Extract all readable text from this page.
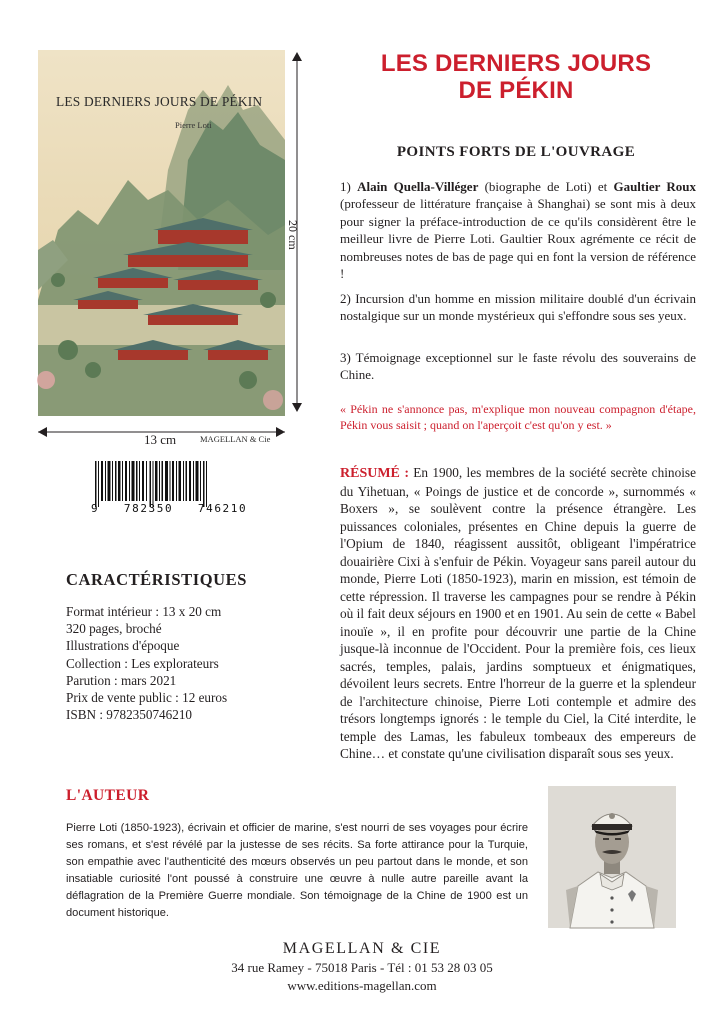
LES DERNIERS JOURS DE PÉKIN
Pierre Loti
MAGELLAN & Cie
20 cm
13 cm
9   782350   746210
CARACTÉRISTIQUES
Format intérieur : 13 x 20 cm
320 pages, broché
Illustrations d'époque
Collection : Les explorateurs
Parution : mars 2021
Prix de vente public : 12 euros
ISBN : 9782350746210
LES DERNIERS JOURS
DE PÉKIN
POINTS FORTS DE L'OUVRAGE

1) Alain Quella-Villéger (biographe de Loti) et Gaultier Roux (professeur de littérature française à Shanghai) se sont mis à deux pour signer la préface-introduction de ce qu'ils considèrent être le meilleur livre de Pierre Loti. Gaultier Roux agrémente ce récit de nombreuses notes de bas de page qui en font la version de référence !

2) Incursion d'un homme en mission militaire doublé d'un écrivain nostalgique sur un monde mystérieux qui s'effondre sous ses yeux.

3) Témoignage exceptionnel sur le faste révolu des souverains de Chine.

« Pékin ne s'annonce pas, m'explique mon nouveau compagnon d'étape, Pékin vous saisit ; quand on l'aperçoit c'est qu'on y est. »

RÉSUMÉ : En 1900, les membres de la société secrète chinoise du Yihetuan, « Poings de justice et de concorde », surnommés « Boxers », se soulèvent contre la présence étrangère. Les puissances coloniales, présentes en Chine depuis la guerre de l'Opium de 1840, réagissent aussitôt, obligeant l'impératrice douairière Cixi à s'enfuir de Pékin. Voyageur sans pareil autour du monde, Pierre Loti (1850-1923), marin en mission, est témoin de cette répression. Il traverse les campagnes pour se rendre à Pékin où il fait deux séjours en 1900 et en 1901. Au sein de cette « Babel inouïe », il en profite pour découvrir une partie de la Chine jusque-là inconnue de l'Occident. Pour la première fois, ces lieux sacrés, temples, palais, jardins somptueux et énigmatiques, dévoilent leurs secrets. Entre l'horreur de la guerre et la splendeur de l'architecture chinoise, Pierre Loti contemple et admire des trésors longtemps ignorés : le temple du Ciel, la Cité interdite, le temple des Lamas, les fabuleux tombeaux des empereurs de Chine… et constate qu'une civilisation disparaît sous ses yeux.

L'AUTEUR

Pierre Loti (1850-1923), écrivain et officier de marine, s'est nourri de ses voyages pour écrire ses romans, et s'est révélé par la justesse de ses récits. Sa forte attirance pour la Turquie, son empathie avec l'authenticité des mœurs observés un peu partout dans le monde, et son insatiable curiosité l'ont poussé à construire une œuvre à nulle autre pareille avant la déflagration de la Première Guerre mondiale. Son témoignage de la Chine de 1900 est un document historique.

MAGELLAN & CIE
34 rue Ramey - 75018 Paris - Tél : 01 53 28 03 05
www.editions-magellan.com
